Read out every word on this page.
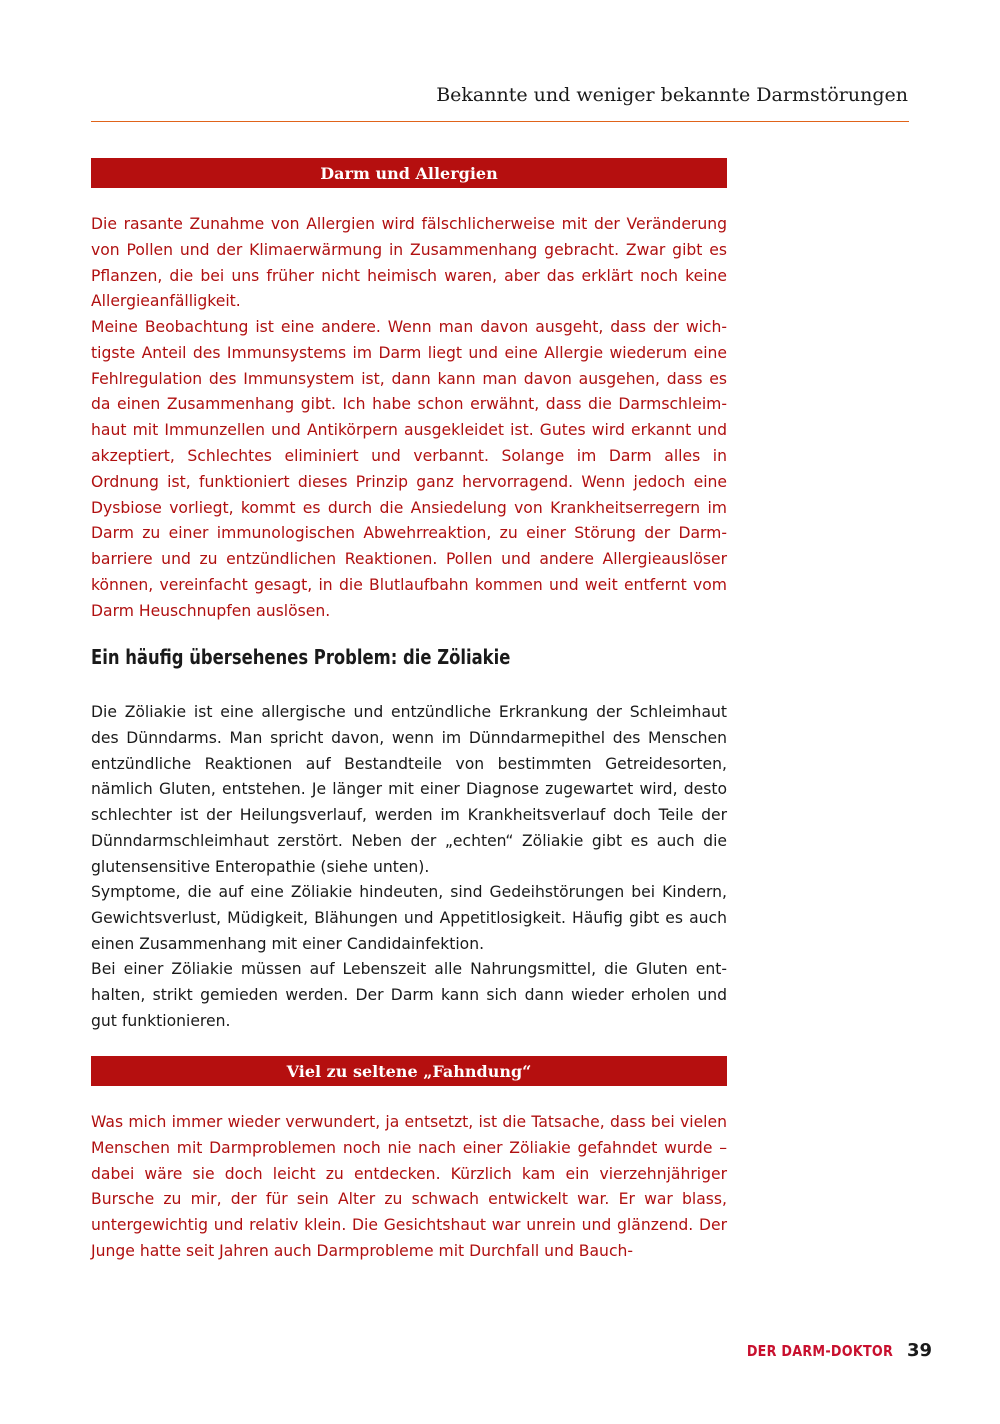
Bekannte und weniger bekannte Darmstörungen
Darm und Allergien

Die rasante Zunahme von Allergien wird fälschlicherweise mit der Veränderung von Pollen und der Klimaerwärmung in Zusammenhang gebracht. Zwar gibt es Pflanzen, die bei uns früher nicht heimisch waren, aber das erklärt noch keine Allergieanfälligkeit.

Meine Beobachtung ist eine andere. Wenn man davon ausgeht, dass der wichtigste Anteil des Immunsystems im Darm liegt und eine Allergie wiederum eine Fehlregulation des Immunsystem ist, dann kann man davon ausgehen, dass es da einen Zusammenhang gibt. Ich habe schon erwähnt, dass die Darmschleimhaut mit Immunzellen und Antikörpern ausgekleidet ist. Gutes wird erkannt und akzeptiert, Schlechtes eliminiert und verbannt. Solange im Darm alles in Ordnung ist, funktioniert dieses Prinzip ganz hervorragend. Wenn jedoch eine Dysbiose vorliegt, kommt es durch die Ansiedelung von Krankheitserregern im Darm zu einer immunologischen Abwehrreaktion, zu einer Störung der Darmbarriere und zu entzündlichen Reaktionen. Pollen und andere Allergieauslöser können, vereinfacht gesagt, in die Blutlaufbahn kommen und weit entfernt vom Darm Heuschnupfen auslösen.

Ein häufig übersehenes Problem: die Zöliakie

Die Zöliakie ist eine allergische und entzündliche Erkrankung der Schleimhaut des Dünndarms. Man spricht davon, wenn im Dünndarmepithel des Menschen entzündliche Reaktionen auf Bestandteile von bestimmten Getreidesorten, nämlich Gluten, entstehen. Je länger mit einer Diagnose zugewartet wird, desto schlechter ist der Heilungsverlauf, werden im Krankheitsverlauf doch Teile der Dünndarmschleimhaut zerstört. Neben der „echten“ Zöliakie gibt es auch die glutensensitive Enteropathie (siehe unten).

Symptome, die auf eine Zöliakie hindeuten, sind Gedeihstörungen bei Kindern, Gewichtsverlust, Müdigkeit, Blähungen und Appetitlosigkeit. Häufig gibt es auch einen Zusammenhang mit einer Candidainfektion.

Bei einer Zöliakie müssen auf Lebenszeit alle Nahrungsmittel, die Gluten enthalten, strikt gemieden werden. Der Darm kann sich dann wieder erholen und gut funktionieren.

Viel zu seltene „Fahndung“

Was mich immer wieder verwundert, ja entsetzt, ist die Tatsache, dass bei vielen Menschen mit Darmproblemen noch nie nach einer Zöliakie gefahndet wurde – dabei wäre sie doch leicht zu entdecken. Kürzlich kam ein vierzehnjähriger Bursche zu mir, der für sein Alter zu schwach entwickelt war. Er war blass, untergewichtig und relativ klein. Die Gesichtshaut war unrein und glänzend. Der Junge hatte seit Jahren auch Darmprobleme mit Durchfall und Bauch-

DER DARM-DOKTOR 39
